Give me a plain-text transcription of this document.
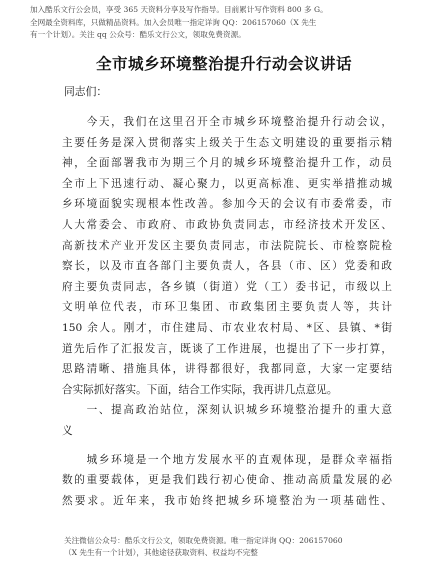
加入酷乐文行公会员，享受 365 天资料分享及写作指导。目前累计写作资料 800 多 G。
全网最全资料库，只做精品资料。加入会员唯一指定详询 QQ：206157060（X 先生
有一个计划）。关注 qq 公众号：酷乐文行公文，领取免费资源。
全市城乡环境整治提升行动会议讲话
同志们：
　　今天，我们在这里召开全市城乡环境整治提升行动会议，
主要任务是深入贯彻落实上级关于生态文明建设的重要指示精
神，全面部署我市为期三个月的城乡环境整治提升工作，动员
全市上下迅速行动、凝心聚力，以更高标准、更实举措推动城
乡环境面貌实现根本性改善。参加今天的会议有市委常委，市
人大常委会、市政府、市政协负责同志，市经济技术开发区、
高新技术产业开发区主要负责同志，市法院院长、市检察院检
察长，以及市直各部门主要负责人，各县（市、区）党委和政
府主要负责同志，各乡镇（街道）党（工）委书记，市级以上
文明单位代表，市环卫集团、市政集团主要负责人等，共计
150 余人。刚才，市住建局、市农业农村局、*区、县镇、*街
道先后作了汇报发言，既谈了工作进展，也提出了下一步打算，
思路清晰、措施具体，讲得都很好，我都同意，大家一定要结
合实际抓好落实。下面，结合工作实际，我再讲几点意见。
　　一、提高政治站位，深刻认识城乡环境整治提升的重大意
义
　　城乡环境是一个地方发展水平的直观体现，是群众幸福指
数的重要载体，更是我们践行初心使命、推动高质量发展的必
然要求。近年来，我市始终把城乡环境整治为一项基础性、
关注微信公众号：酷乐文行公文，领取免费资源。唯一指定详询 QQ：206157060
（X 先生有一个计划），其他途径获取资料、权益均不完整
